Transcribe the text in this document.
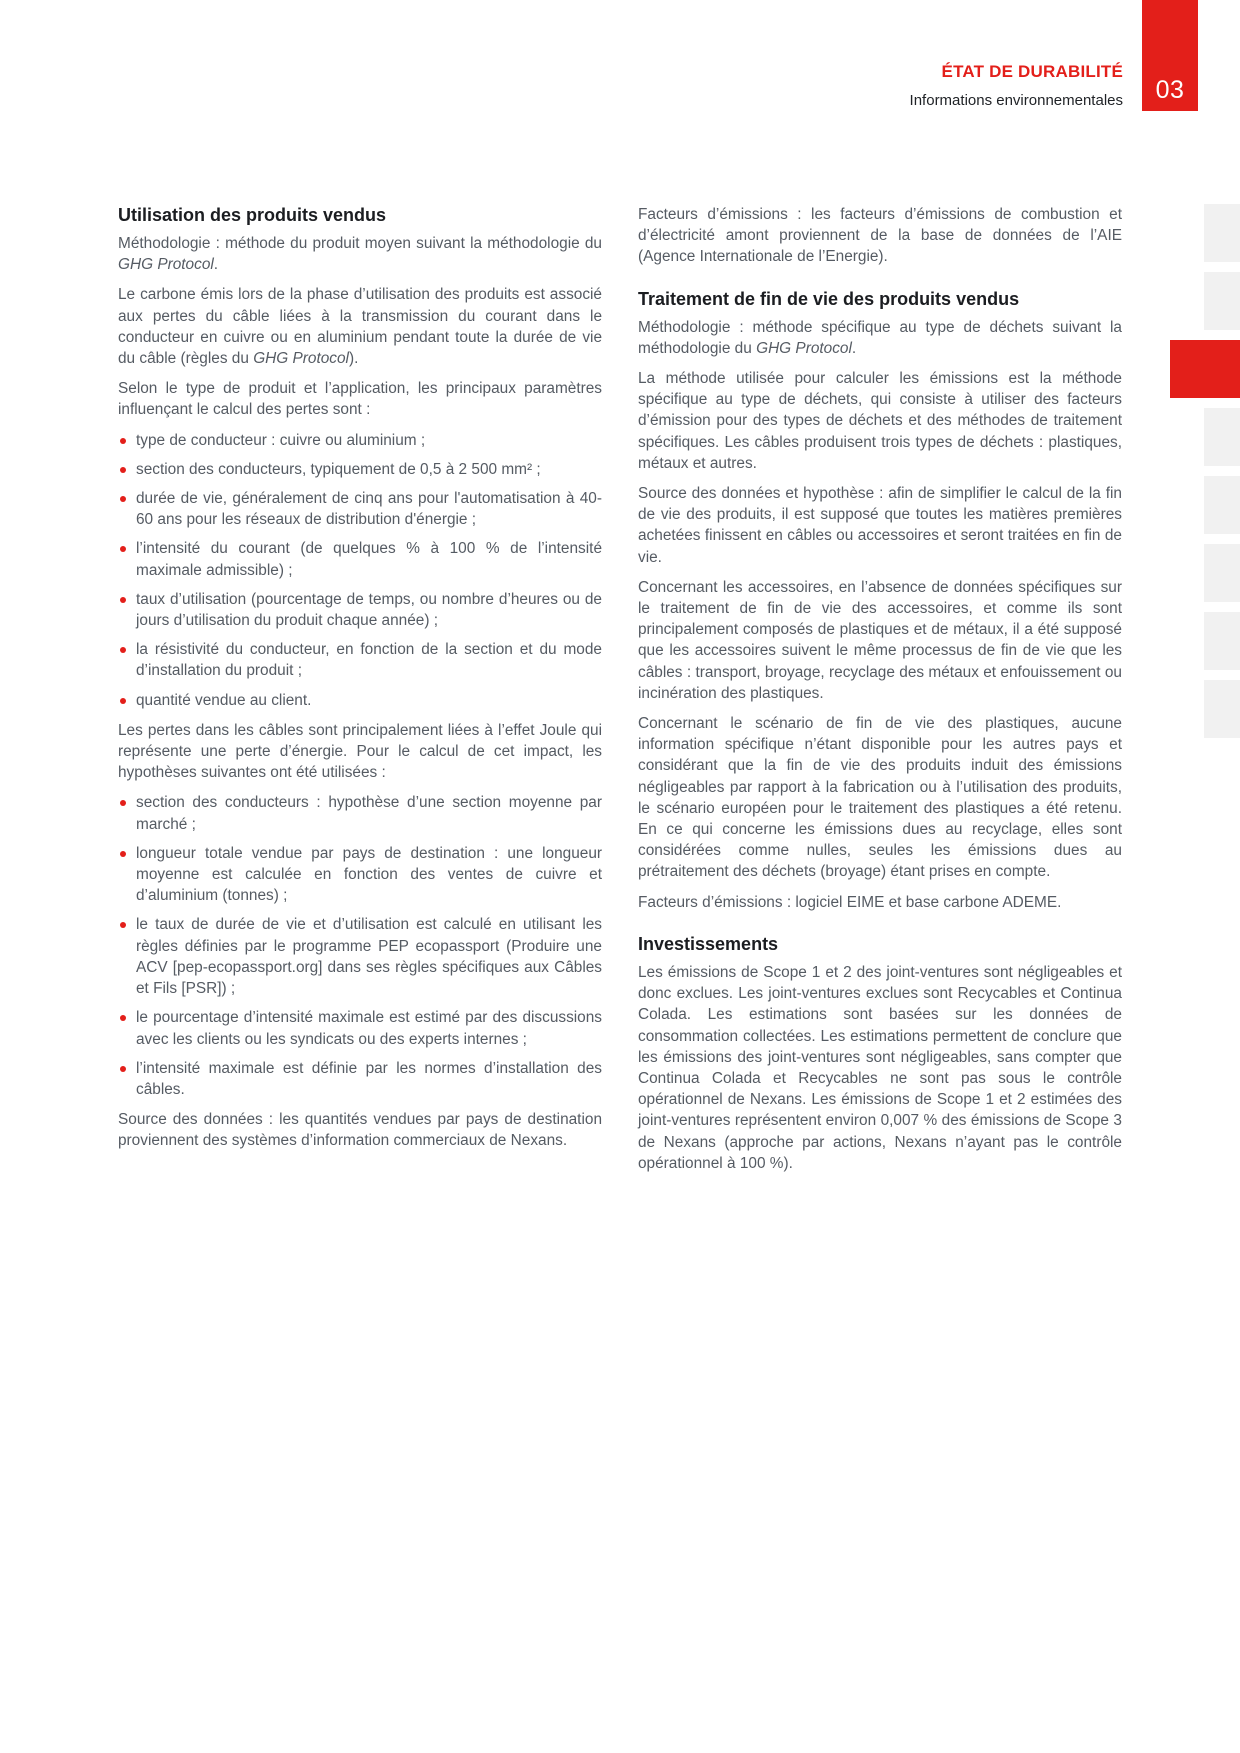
ÉTAT DE DURABILITÉ
Informations environnementales	03
Utilisation des produits vendus

Méthodologie : méthode du produit moyen suivant la méthodologie du GHG Protocol.

Le carbone émis lors de la phase d’utilisation des produits est associé aux pertes du câble liées à la transmission du courant dans le conducteur en cuivre ou en aluminium pendant toute la durée de vie du câble (règles du GHG Protocol).

Selon le type de produit et l’application, les principaux paramètres influençant le calcul des pertes sont :

type de conducteur : cuivre ou aluminium ;
section des conducteurs, typiquement de 0,5 à 2 500 mm² ;
durée de vie, généralement de cinq ans pour l'automatisation à 40-60 ans pour les réseaux de distribution d'énergie ;
l’intensité du courant (de quelques % à 100 % de l’intensité maximale admissible) ;
taux d’utilisation (pourcentage de temps, ou nombre d’heures ou de jours d’utilisation du produit chaque année) ;
la résistivité du conducteur, en fonction de la section et du mode d’installation du produit ;
quantité vendue au client.

Les pertes dans les câbles sont principalement liées à l’effet Joule qui représente une perte d’énergie. Pour le calcul de cet impact, les hypothèses suivantes ont été utilisées :

section des conducteurs : hypothèse d’une section moyenne par marché ;
longueur totale vendue par pays de destination : une longueur moyenne est calculée en fonction des ventes de cuivre et d’aluminium (tonnes) ;
le taux de durée de vie et d’utilisation est calculé en utilisant les règles définies par le programme PEP ecopassport (Produire une ACV [pep-ecopassport.org] dans ses règles spécifiques aux Câbles et Fils [PSR]) ;
le pourcentage d’intensité maximale est estimé par des discussions avec les clients ou les syndicats ou des experts internes ;
l’intensité maximale est définie par les normes d’installation des câbles.

Source des données : les quantités vendues par pays de destination proviennent des systèmes d’information commerciaux de Nexans.

Facteurs d’émissions : les facteurs d’émissions de combustion et d’électricité amont proviennent de la base de données de l’AIE (Agence Internationale de l’Energie).

Traitement de fin de vie des produits vendus

Méthodologie : méthode spécifique au type de déchets suivant la méthodologie du GHG Protocol.

La méthode utilisée pour calculer les émissions est la méthode spécifique au type de déchets, qui consiste à utiliser des facteurs d’émission pour des types de déchets et des méthodes de traitement spécifiques. Les câbles produisent trois types de déchets : plastiques, métaux et autres.

Source des données et hypothèse : afin de simplifier le calcul de la fin de vie des produits, il est supposé que toutes les matières premières achetées finissent en câbles ou accessoires et seront traitées en fin de vie.

Concernant les accessoires, en l’absence de données spécifiques sur le traitement de fin de vie des accessoires, et comme ils sont principalement composés de plastiques et de métaux, il a été supposé que les accessoires suivent le même processus de fin de vie que les câbles : transport, broyage, recyclage des métaux et enfouissement ou incinération des plastiques.

Concernant le scénario de fin de vie des plastiques, aucune information spécifique n’étant disponible pour les autres pays et considérant que la fin de vie des produits induit des émissions négligeables par rapport à la fabrication ou à l’utilisation des produits, le scénario européen pour le traitement des plastiques a été retenu. En ce qui concerne les émissions dues au recyclage, elles sont considérées comme nulles, seules les émissions dues au prétraitement des déchets (broyage) étant prises en compte.

Facteurs d’émissions : logiciel EIME et base carbone ADEME.

Investissements

Les émissions de Scope 1 et 2 des joint-ventures sont négligeables et donc exclues. Les joint-ventures exclues sont Recycables et Continua Colada. Les estimations sont basées sur les données de consommation collectées. Les estimations permettent de conclure que les émissions des joint-ventures sont négligeables, sans compter que Continua Colada et Recycables ne sont pas sous le contrôle opérationnel de Nexans. Les émissions de Scope 1 et 2 estimées des joint-ventures représentent environ 0,007 % des émissions de Scope 3 de Nexans (approche par actions, Nexans n’ayant pas le contrôle opérationnel à 100 %).
